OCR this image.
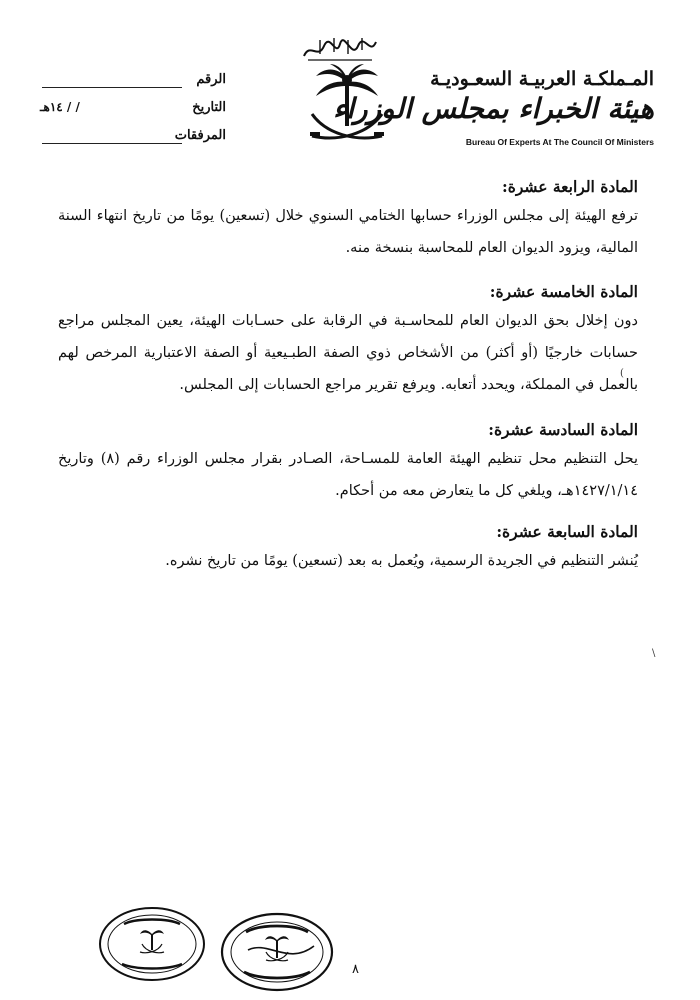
المـملكـة العربيـة السعـوديـة
هيئة الخبراء بمجلس الوزراء
Bureau Of Experts At The Council Of Ministers
الرقم
التاريخ
/ / ١٤هـ
المرفقات

المادة الرابعة عشرة:

ترفع الهيئة إلى مجلس الوزراء حسابها الختامي السنوي خلال (تسعين) يومًا من تاريخ انتهاء السنة المالية، ويزود الديوان العام للمحاسبة بنسخة منه.

المادة الخامسة عشرة:

دون إخلال بحق الديوان العام للمحاسـبة في الرقابة على حسـابات الهيئة، يعين المجلس مراجع حسابات خارجيًا (أو أكثر) من الأشخاص ذوي الصفة الطبـيعية أو الصفة الاعتبارية المرخص لهم بالعمل في المملكة، ويحدد أتعابه. ويرفع تقرير مراجع الحسابات إلى المجلس.

المادة السادسة عشرة:

يحل التنظيم محل تنظيم الهيئة العامة للمسـاحة، الصـادر بقرار مجلس الوزراء رقم (٨) وتاريخ ١٤٢٧/١/١٤هـ، ويلغي كل ما يتعارض معه من أحكام.

المادة السابعة عشرة:

يُنشر التنظيم في الجريدة الرسمية، ويُعمل به بعد (تسعين) يومًا من تاريخ نشره.

(
\
٨
